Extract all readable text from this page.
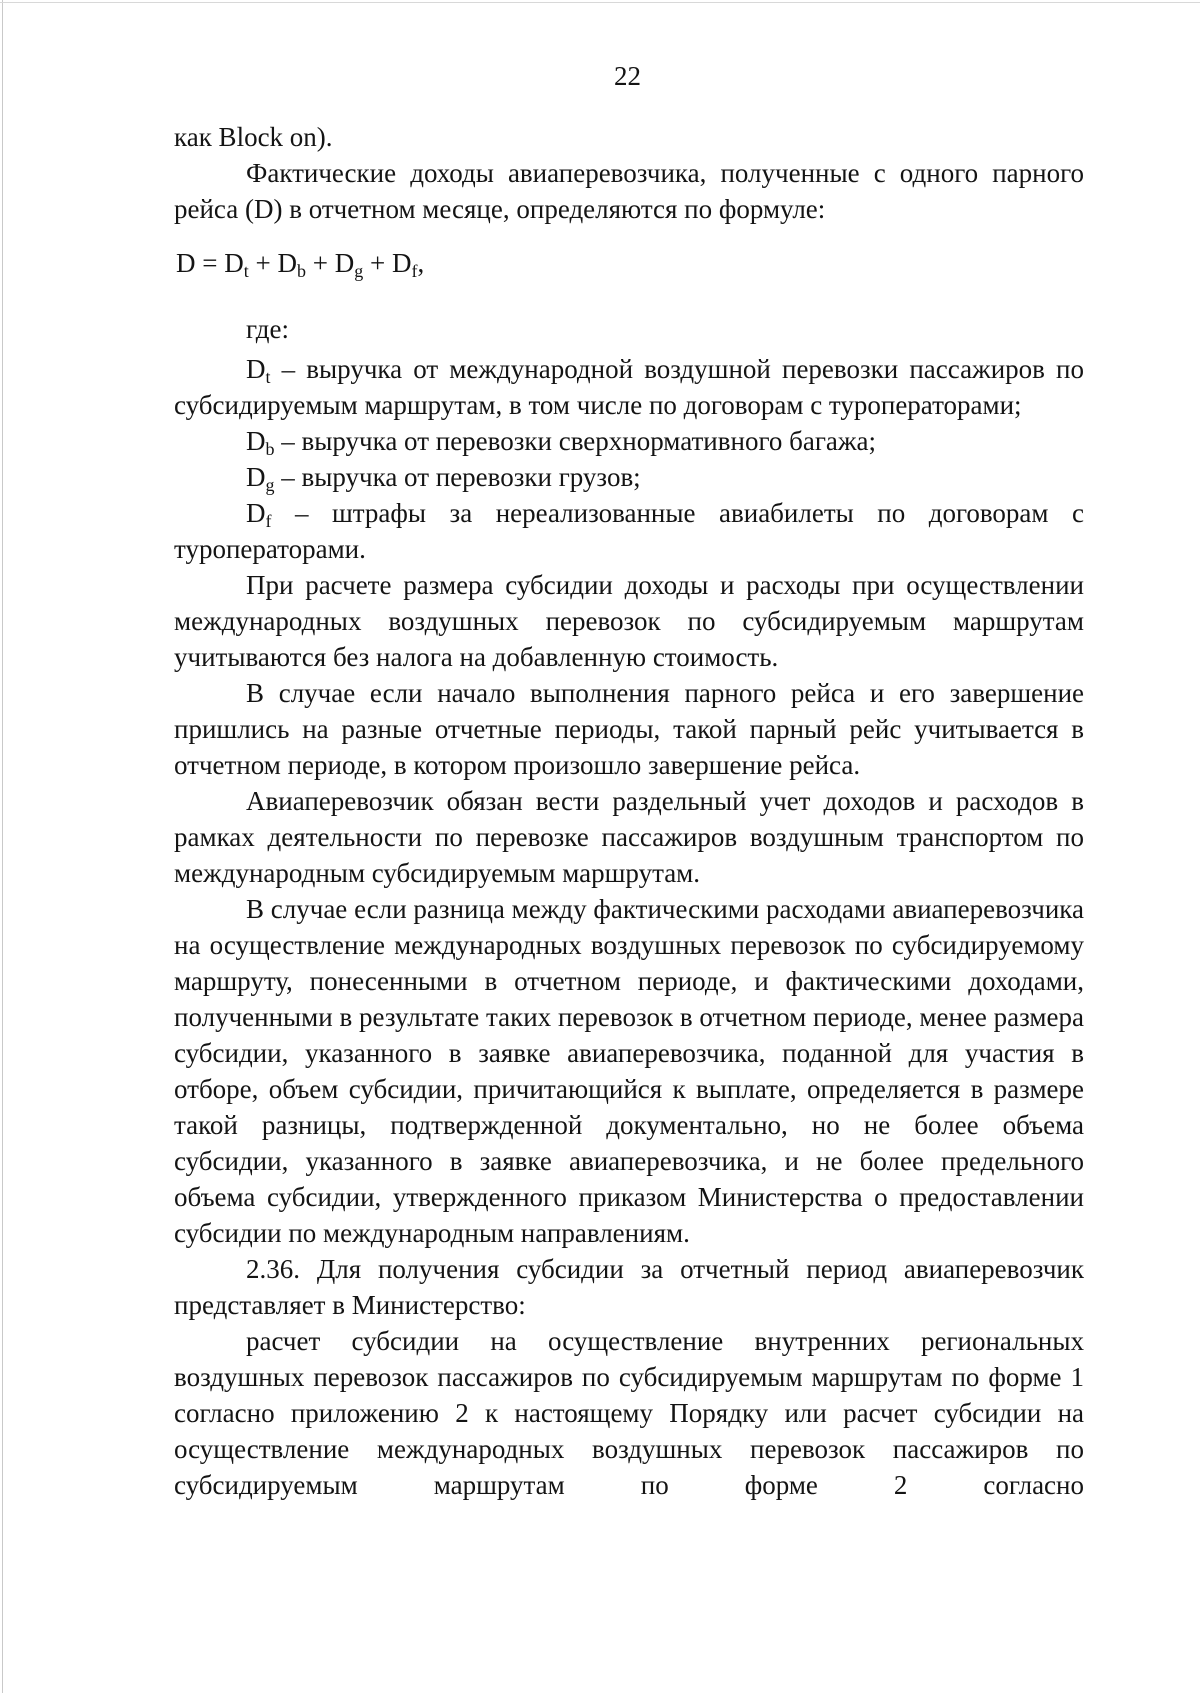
22

как Block on).

Фактические доходы авиаперевозчика, полученные с одного парного рейса (D) в отчетном месяце, определяются по формуле:

$D = D_t + D_b + D_g + D_f$,

где:

$D_t$ – выручка от международной воздушной перевозки пассажиров по субсидируемым маршрутам, в том числе по договорам с туроператорами;

$D_b$ – выручка от перевозки сверхнормативного багажа;

$D_g$ – выручка от перевозки грузов;

$D_f$ – штрафы за нереализованные авиабилеты по договорам с туроператорами.

При расчете размера субсидии доходы и расходы при осуществлении международных воздушных перевозок по субсидируемым маршрутам учитываются без налога на добавленную стоимость.

В случае если начало выполнения парного рейса и его завершение пришлись на разные отчетные периоды, такой парный рейс учитывается в отчетном периоде, в котором произошло завершение рейса.

Авиаперевозчик обязан вести раздельный учет доходов и расходов в рамках деятельности по перевозке пассажиров воздушным транспортом по международным субсидируемым маршрутам.

В случае если разница между фактическими расходами авиаперевозчика на осуществление международных воздушных перевозок по субсидируемому маршруту, понесенными в отчетном периоде, и фактическими доходами, полученными в результате таких перевозок в отчетном периоде, менее размера субсидии, указанного в заявке авиаперевозчика, поданной для участия в отборе, объем субсидии, причитающийся к выплате, определяется в размере такой разницы, подтвержденной документально, но не более объема субсидии, указанного в заявке авиаперевозчика, и не более предельного объема субсидии, утвержденного приказом Министерства о предоставлении субсидии по международным направлениям.

2.36. Для получения субсидии за отчетный период авиаперевозчик представляет в Министерство:

расчет субсидии на осуществление внутренних региональных воздушных перевозок пассажиров по субсидируемым маршрутам по форме 1 согласно приложению 2 к настоящему Порядку или расчет субсидии на осуществление международных воздушных перевозок пассажиров по субсидируемым маршрутам по форме 2 согласно
